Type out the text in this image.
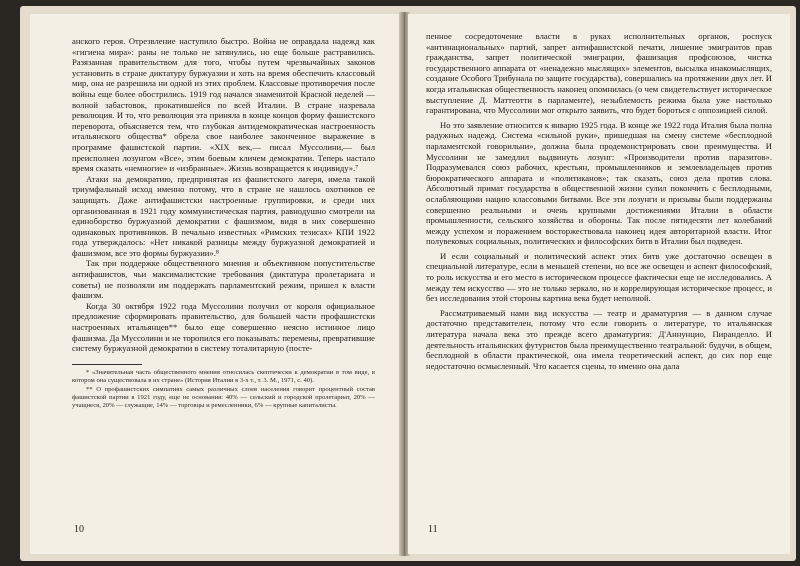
анского героя. Отрезвление наступило быстро. Война не оправдала надежд как «гигиена мира»: раны не только не затянулись, но еще больше растравились. Разязанная правительством для того, чтобы путем чрезвычайных законов установить в стране диктатуру буржуазии и хоть на время обеспечить классовый мир, она не разрешила ни одной из этих проблем. Классовые противоречия после войны еще более обострились. 1919 год начался знаменитой Красной неделей — волной забастовок, прокатившейся по всей Италии. В стране назревала революция. И то, что революция эта приняла в конце концов форму фашистского переворота, объясняется тем, что глубокая антидемократическая настроенность итальянского общества* обрела свое наиболее законченное выражение в программе фашистской партии. «XIX век,— писал Муссолини,— был преисполнен лозунгом «Все», этим боевым кличем демократии. Теперь настало время сказать «немногие» и «избранные». Жизнь возвращается к индивиду».⁷

Атаки на демократию, предпринятая из фашистского лагеря, имела такой триумфальный исход именно потому, что в стране не нашлось охотников ее защищать. Даже антифашистски настроенные группировки, и среди них организованная в 1921 году коммунистическая партия, равнодушно смотрели на единоборство буржуазной демократии с фашизмом, видя в них совершенно одинаковых противников. В печально известных «Римских тезисах» КПИ 1922 года утверждалось: «Нет никакой разницы между буржуазной демократией и фашизмом, все это формы буржуазии».⁸

Так при поддержке общественного мнения и объективном попустительстве антифашистов, чьи максималистские требования (диктатура пролетариата и советы) не позволяли им поддержать парламентский режим, пришел к власти фашизм.

Когда 30 октября 1922 года Муссолини получил от короля официальное предложение сформировать правительство, для большей части профашистски настроенных итальянцев** было еще совершенно неясно истинное лицо фашизма. Да Муссолини и не торопился его показывать: перемены, превратившие систему буржуазной демократии в систему тоталитарную (посте-

* «Значительная часть общественного мнения относилась скептически к демократии в том виде, в котором она существовала в их стране» (История Италии в 3-х т., т. 3. М., 1971, с. 40).

** О профашистских симпатиях самых различных слоев населения говорит процентный состав фашистской партии в 1921 году, еще не основания: 40% — сельский и городской пролетариат, 20% — учащиеся, 20% — служащие, 14% — торговцы и ремесленники, 6% — крупные капиталисты.

10

пенное сосредоточение власти в руках исполнительных органов, роспуск «антинациональных» партий, запрет антифашистской печати, лишение эмигрантов прав гражданства, запрет политической эмиграции, фашизация профсоюзов, чистка государственного аппарата от «ненадежно мыслящих» элементов, высылка инакомыслящих, создание Особого Трибунала по защите государства), совершались на протяжении двух лет. И когда итальянская общественность наконец опомнилась (о чем свидетельствует историческое выступление Д. Маттеотти в парламенте), незыблемость режима была уже настолько гарантирована, что Муссолини мог открыто заявить, что будет бороться с оппозицией силой.

Но это заявление относится к январю 1925 года. В конце же 1922 года Италия была полна радужных надежд. Система «сильной руки», пришедшая на смену системе «бесплодной парламентской говорильни», должна была продемонстрировать свои преимущества. И Муссолини не замедлил выдвинуть лозунг: «Производители против паразитов». Подразумевался союз рабочих, крестьян, промышленников и землевладельцев против бюрократического аппарата и «политиканов»; так сказать, союз дела против слова. Абсолютный примат государства в общественной жизни сулил покончить с бесплодными, ослабляющими нацию классовыми битвами. Все эти лозунги и призывы были поддержаны совершенно реальными и очень крупными достижениями Италии в области промышленности, сельского хозяйства и обороны. Так после пятидесяти лет колебаний между успехом и поражением восторжествовала наконец идея авторитарной власти. Итог полувековых социальных, политических и философских битв в Италии был подведен.

И если социальный и политический аспект этих битв уже достаточно освещен в специальной литературе, если в меньшей степени, но все же освещен и аспект философский, то роль искусства и его место в историческом процессе фактически еще не исследовались. А между тем искусство — это не только зеркало, но и коррелирующая историческое процесс, и без исследования этой стороны картина века будет неполной.

Рассматриваемый нами вид искусства — театр и драматургия — в данном случае достаточно представителен, потому что если говорить о литературе, то итальянская литература начала века это прежде всего драматургия: Д'Аннунцио, Пиранделло. И деятельность итальянских футуристов была преимущественно театральной: будучи, в общем, бесплодной в области практической, она имела теоретический аспект, до сих пор еще недостаточно осмысленный. Что касается сцены, то именно она дала

11
